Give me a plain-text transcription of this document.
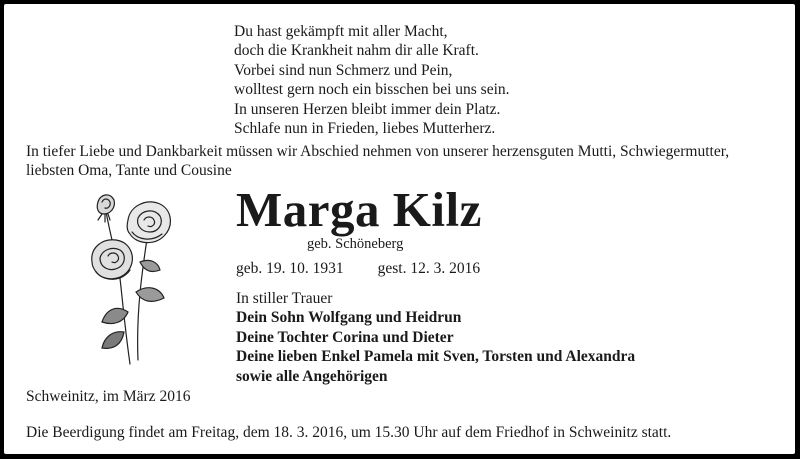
Du hast gekämpft mit aller Macht,
doch die Krankheit nahm dir alle Kraft.
Vorbei sind nun Schmerz und Pein,
wolltest gern noch ein bisschen bei uns sein.
In unseren Herzen bleibt immer dein Platz.
Schlafe nun in Frieden, liebes Mutterherz.
In tiefer Liebe und Dankbarkeit müssen wir Abschied nehmen von unserer herzensguten Mutti, Schwiegermutter,
liebsten Oma, Tante und Cousine
Marga Kilz
geb. Schöneberg
geb. 19. 10. 1931 gest. 12. 3. 2016
In stiller Trauer
Dein Sohn Wolfgang und Heidrun
Deine Tochter Corina und Dieter
Deine lieben Enkel Pamela mit Sven, Torsten und Alexandra
sowie alle Angehörigen
Schweinitz, im März 2016
Die Beerdigung findet am Freitag, dem 18. 3. 2016, um 15.30 Uhr auf dem Friedhof in Schweinitz statt.
